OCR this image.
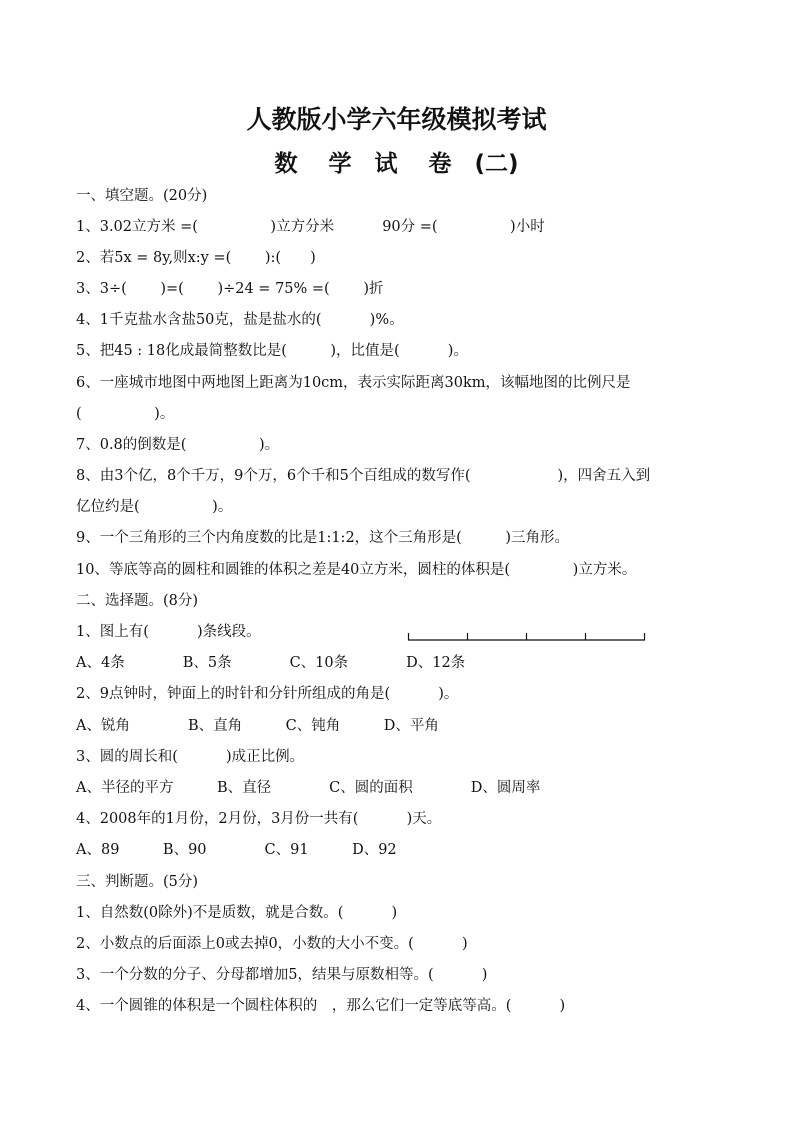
人教版小学六年级模拟考试
数　 学　试　 卷　(二)
一、填空题。(20分)
1、3.02立方米 =(　　　　　)立方分米　　　 90分 =(　　　　　)小时
2、若5x = 8y,则x:y =(　　 ):(　　)
3、3÷(　　 )=(　　 )÷24 = 75% =(　　 )折
4、1千克盐水含盐50克，盐是盐水的(　　　 )%。
5、把45 : 18化成最简整数比是(　　　)，比值是(　　　 )。
6、一座城市地图中两地图上距离为10cm，表示实际距离30km，该幅地图的比例尺是
(　　　　　)。
7、0.8的倒数是(　　　　　)。
8、由3个亿，8个千万，9个万，6个千和5个百组成的数写作(　　　　　　)，四舍五入到
亿位约是(　　　　　)。
9、一个三角形的三个内角度数的比是1:1:2，这个三角形是(　　　)三角形。
10、等底等高的圆柱和圆锥的体积之差是40立方米，圆柱的体积是(　　　　 )立方米。
二、选择题。(8分)
1、图上有(　　　 )条线段。
A、4条　　　　B、5条　　　　C、10条　　　　D、12条
2、9点钟时，钟面上的时针和分针所组成的角是(　　　 )。
A、锐角　　　　B、直角　　　C、钝角　　　D、平角
3、圆的周长和(　　　 )成正比例。
A、半径的平方　　　B、直径　　　　C、圆的面积　　　　D、圆周率
4、2008年的1月份，2月份，3月份一共有(　　　 )天。
A、89　　　B、90　　　　C、91　　　D、92
三、判断题。(5分)
1、自然数(0除外)不是质数，就是合数。(　　　 )
2、小数点的后面添上0或去掉0，小数的大小不变。(　　　 )
3、一个分数的分子、分母都增加5，结果与原数相等。(　　　 )
4、一个圆锥的体积是一个圆柱体积的　，那么它们一定等底等高。(　　　 )
